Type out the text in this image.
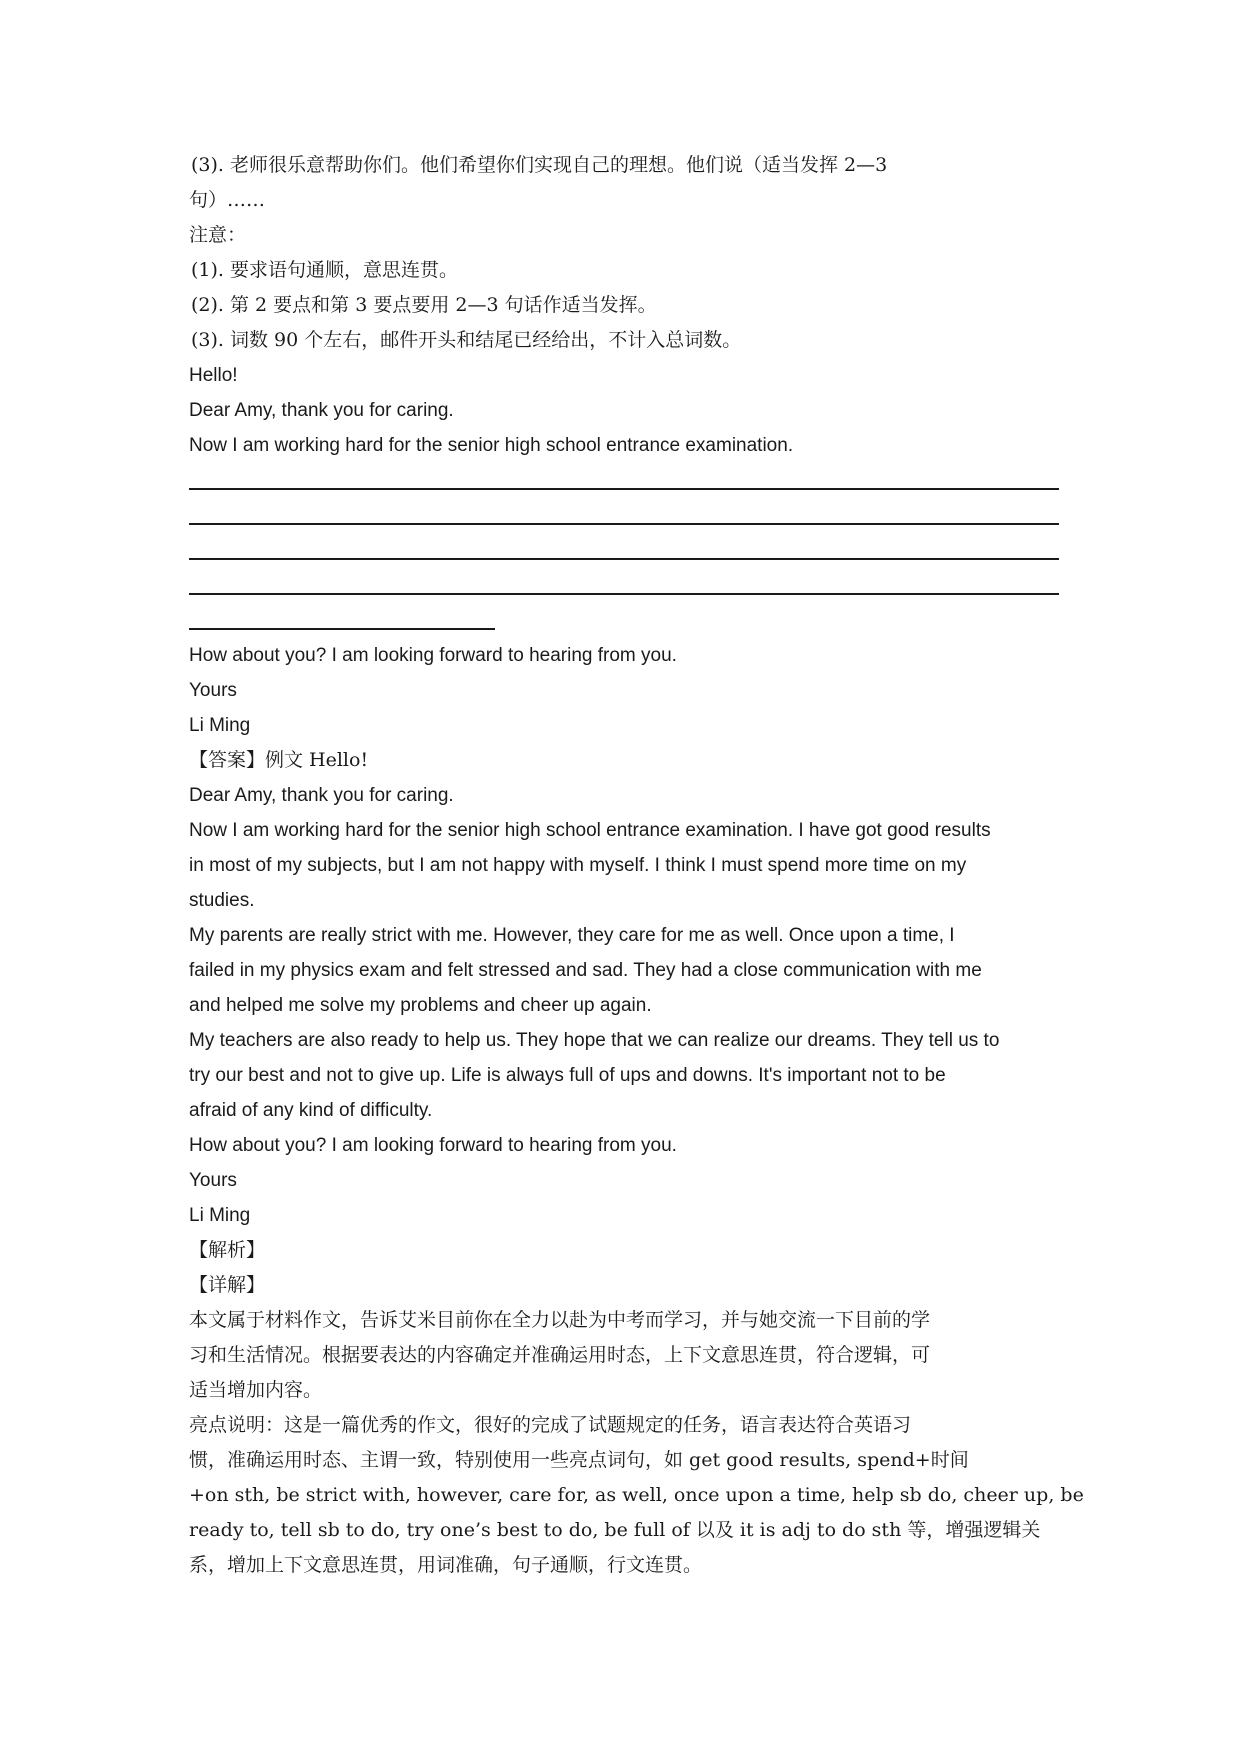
(3). 老师很乐意帮助你们。他们希望你们实现自己的理想。他们说（适当发挥 2—3
句）……
注意：
(1). 要求语句通顺，意思连贯。
(2). 第 2 要点和第 3 要点要用 2—3 句话作适当发挥。
(3). 词数 90 个左右，邮件开头和结尾已经给出，不计入总词数。
Hello!
Dear Amy, thank you for caring.
Now I am working hard for the senior high school entrance examination.
How about you? I am looking forward to hearing from you.
Yours
Li Ming
【答案】例文 Hello!
Dear Amy, thank you for caring.
Now I am working hard for the senior high school entrance examination. I have got good results
in most of my subjects, but I am not happy with myself. I think I must spend more time on my
studies.
My parents are really strict with me. However, they care for me as well. Once upon a time, I
failed in my physics exam and felt stressed and sad. They had a close communication with me
and helped me solve my problems and cheer up again.
My teachers are also ready to help us. They hope that we can realize our dreams. They tell us to
try our best and not to give up. Life is always full of ups and downs. It's important not to be
afraid of any kind of difficulty.
How about you? I am looking forward to hearing from you.
Yours
Li Ming
【解析】
【详解】
本文属于材料作文，告诉艾米目前你在全力以赴为中考而学习，并与她交流一下目前的学
习和生活情况。根据要表达的内容确定并准确运用时态，上下文意思连贯，符合逻辑，可
适当增加内容。
亮点说明：这是一篇优秀的作文，很好的完成了试题规定的任务，语言表达符合英语习
惯，准确运用时态、主谓一致，特别使用一些亮点词句，如 get good results, spend+时间
+on sth, be strict with, however, care for, as well, once upon a time, help sb do, cheer up, be
ready to, tell sb to do, try one’s best to do, be full of 以及 it is adj to do sth 等，增强逻辑关
系，增加上下文意思连贯，用词准确，句子通顺，行文连贯。
